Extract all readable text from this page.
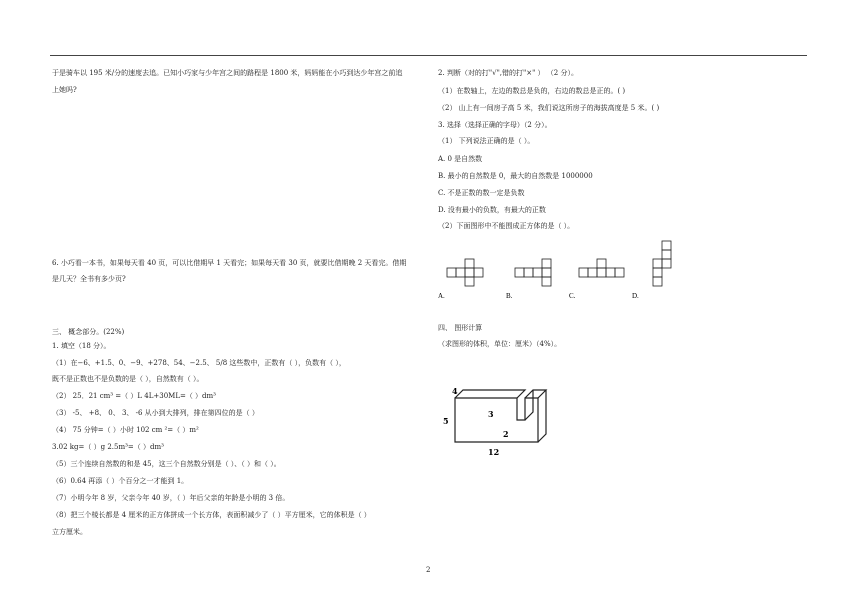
于是骑车以 195 米/分的速度去追。已知小巧家与少年宫之间的路程是 1800 米，妈妈能在小巧到达少年宫之前追
上她吗?
6. 小巧看一本书，如果每天看 40 页，可以比借期早 1 天看完；如果每天看 30 页，就要比借期晚 2 天看完。借期
是几天？全书有多少页?
三、 概念部分。(22%)
1. 填空（18 分）。
（1）在−6、+1.5、0、−9、+278、54、−2.5、 5/8 这些数中，正数有（ ），负数有（ ），
既不是正数也不是负数的是（ ），自然数有（ ）。
（2） 25．21 cm³ =（ ）L 4L+30ML=（ ）dm³
（3） -5、 +8、 0、 3、 -6 从小到大排列，排在第四位的是（ ）
（4） 75 分钟=（ ）小时 102 cm ²=（ ）m²
3.02 kg=（ ）g 2.5m³=（ ）dm³
（5）三个连续自然数的和是 45，这三个自然数分别是（ ）、（ ）和（ ）。
（6）0.64 再添（ ）个百分之一才能到 1。
（7）小明今年 8 岁，父亲今年 40 岁，（ ）年后父亲的年龄是小明的 3 倍。
（8）把三个棱长都是 4 厘米的正方体拼成一个长方体，表面积减少了（ ）平方厘米，它的体积是（ ）
立方厘米。
2. 判断（对的打"√",错的打"×" ） （2 分）。
（1）在数轴上，左边的数总是负的，右边的数总是正的。( )
（2） 山上有一间房子高 5 米，我们说这所房子的海拔高度是 5 米。( )
3. 选择（选择正确的字母）（2 分）。
（1） 下列说法正确的是（ ）。
A. 0 是自然数
B. 最小的自然数是 0，最大的自然数是 1000000
C. 不是正数的数一定是负数
D. 没有最小的负数，有最大的正数
（2）下面图形中不能围成正方体的是（ ）。
四、 图形计算
（求图形的体积，单位：厘米）（4%）。
A.	B.	C.	D.
4
3
5
2
12
2
